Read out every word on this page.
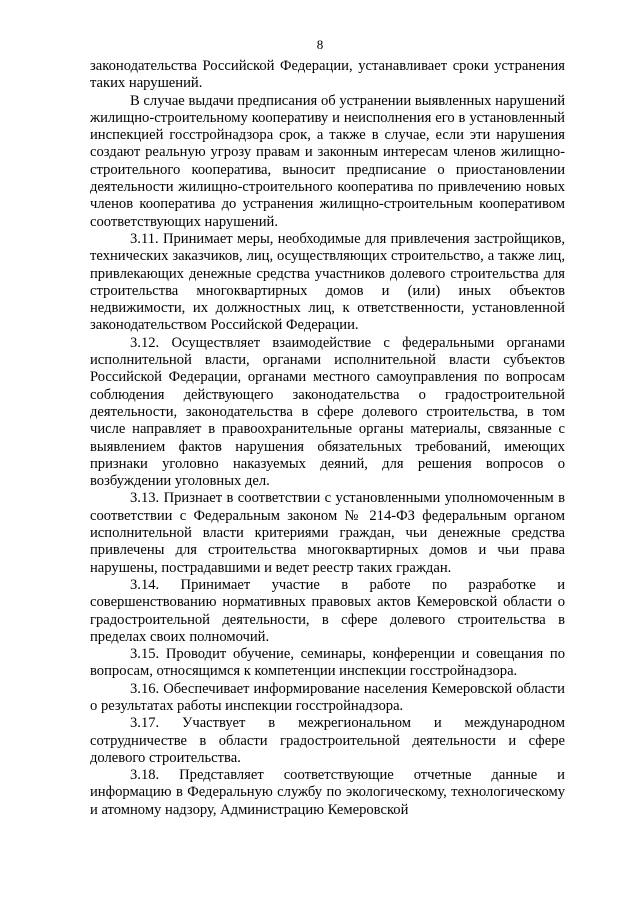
8

законодательства Российской Федерации, устанавливает сроки устранения таких нарушений.

В случае выдачи предписания об устранении выявленных нарушений жилищно-строительному кооперативу и неисполнения его в установленный инспекцией госстройнадзора срок, а также в случае, если эти нарушения создают реальную угрозу правам и законным интересам членов жилищно-строительного кооператива, выносит предписание о приостановлении деятельности жилищно-строительного кооператива по привлечению новых членов кооператива до устранения жилищно-строительным кооперативом соответствующих нарушений.

3.11. Принимает меры, необходимые для привлечения застройщиков, технических заказчиков, лиц, осуществляющих строительство, а также лиц, привлекающих денежные средства участников долевого строительства для строительства многоквартирных домов и (или) иных объектов недвижимости, их должностных лиц, к ответственности, установленной законодательством Российской Федерации.

3.12. Осуществляет взаимодействие с федеральными органами исполнительной власти, органами исполнительной власти субъектов Российской Федерации, органами местного самоуправления по вопросам соблюдения действующего законодательства о градостроительной деятельности, законодательства в сфере долевого строительства, в том числе направляет в правоохранительные органы материалы, связанные с выявлением фактов нарушения обязательных требований, имеющих признаки уголовно наказуемых деяний, для решения вопросов о возбуждении уголовных дел.

3.13. Признает в соответствии с установленными уполномоченным в соответствии с Федеральным законом № 214-ФЗ федеральным органом исполнительной власти критериями граждан, чьи денежные средства привлечены для строительства многоквартирных домов и чьи права нарушены, пострадавшими и ведет реестр таких граждан.

3.14. Принимает участие в работе по разработке и совершенствованию нормативных правовых актов Кемеровской области о градостроительной деятельности, в сфере долевого строительства в пределах своих полномочий.

3.15. Проводит обучение, семинары, конференции и совещания по вопросам, относящимся к компетенции инспекции госстройнадзора.

3.16. Обеспечивает информирование населения Кемеровской области о результатах работы инспекции госстройнадзора.

3.17. Участвует в межрегиональном и международном сотрудничестве в области градостроительной деятельности и сфере долевого строительства.

3.18. Представляет соответствующие отчетные данные и информацию в Федеральную службу по экологическому, технологическому и атомному надзору, Администрацию Кемеровской
